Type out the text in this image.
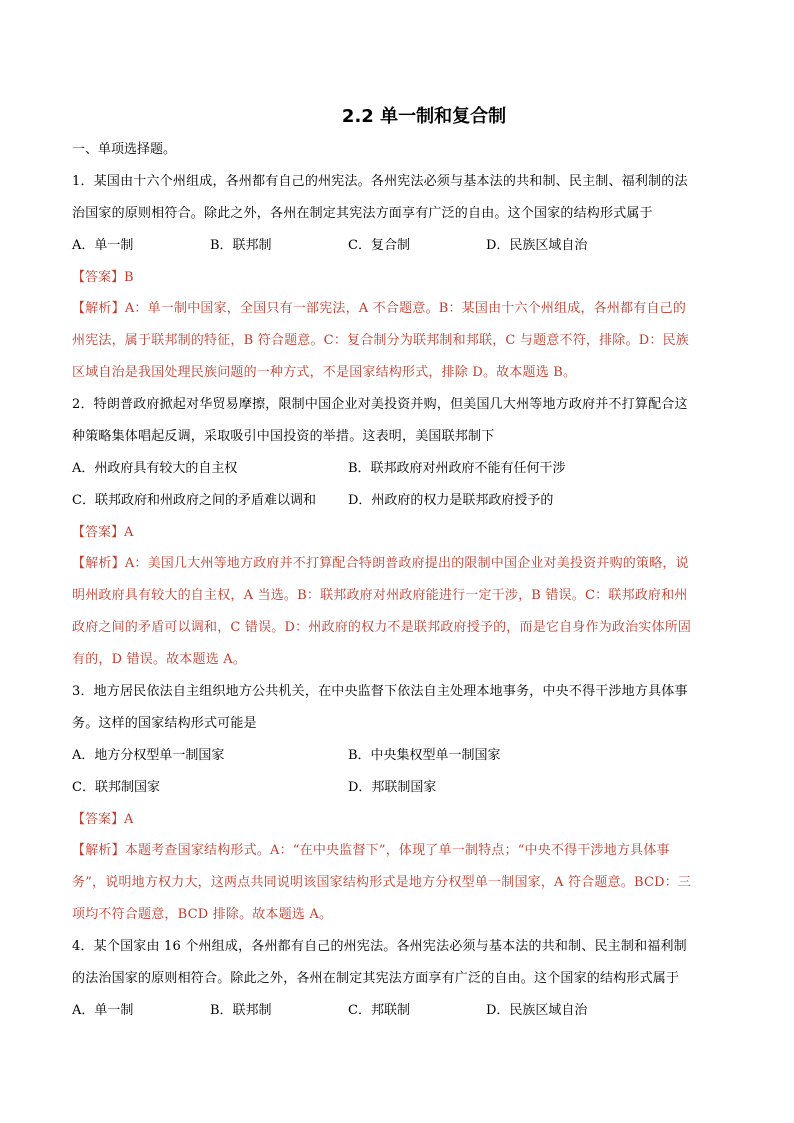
2.2 单一制和复合制
一、单项选择题。
1．某国由十六个州组成，各州都有自己的州宪法。各州宪法必须与基本法的共和制、民主制、福利制的法
治国家的原则相符合。除此之外，各州在制定其宪法方面享有广泛的自由。这个国家的结构形式属于
A．单一制	B．联邦制	C．复合制	D．民族区域自治
【答案】B
【解析】A：单一制中国家，全国只有一部宪法，A 不合题意。B：某国由十六个州组成，各州都有自己的
州宪法，属于联邦制的特征，B 符合题意。C：复合制分为联邦制和邦联，C 与题意不符，排除。D：民族
区域自治是我国处理民族问题的一种方式，不是国家结构形式，排除 D。故本题选 B。
2．特朗普政府掀起对华贸易摩擦，限制中国企业对美投资并购，但美国几大州等地方政府并不打算配合这
种策略集体唱起反调，采取吸引中国投资的举措。这表明，美国联邦制下
A．州政府具有较大的自主权	B．联邦政府对州政府不能有任何干涉
C．联邦政府和州政府之间的矛盾难以调和	D．州政府的权力是联邦政府授予的
【答案】A
【解析】A：美国几大州等地方政府并不打算配合特朗普政府提出的限制中国企业对美投资并购的策略，说
明州政府具有较大的自主权，A 当选。B：联邦政府对州政府能进行一定干涉，B 错误。C：联邦政府和州
政府之间的矛盾可以调和，C 错误。D：州政府的权力不是联邦政府授予的，而是它自身作为政治实体所固
有的，D 错误。故本题选 A。
3．地方居民依法自主组织地方公共机关，在中央监督下依法自主处理本地事务，中央不得干涉地方具体事
务。这样的国家结构形式可能是
A．地方分权型单一制国家	B．中央集权型单一制国家
C．联邦制国家	D．邦联制国家
【答案】A
【解析】本题考查国家结构形式。A：“在中央监督下”，体现了单一制特点；“中央不得干涉地方具体事
务”，说明地方权力大，这两点共同说明该国家结构形式是地方分权型单一制国家，A 符合题意。BCD：三
项均不符合题意，BCD 排除。故本题选 A。
4．某个国家由 16 个州组成，各州都有自己的州宪法。各州宪法必须与基本法的共和制、民主制和福利制
的法治国家的原则相符合。除此之外，各州在制定其宪法方面享有广泛的自由。这个国家的结构形式属于
A．单一制	B．联邦制	C．邦联制	D．民族区域自治
